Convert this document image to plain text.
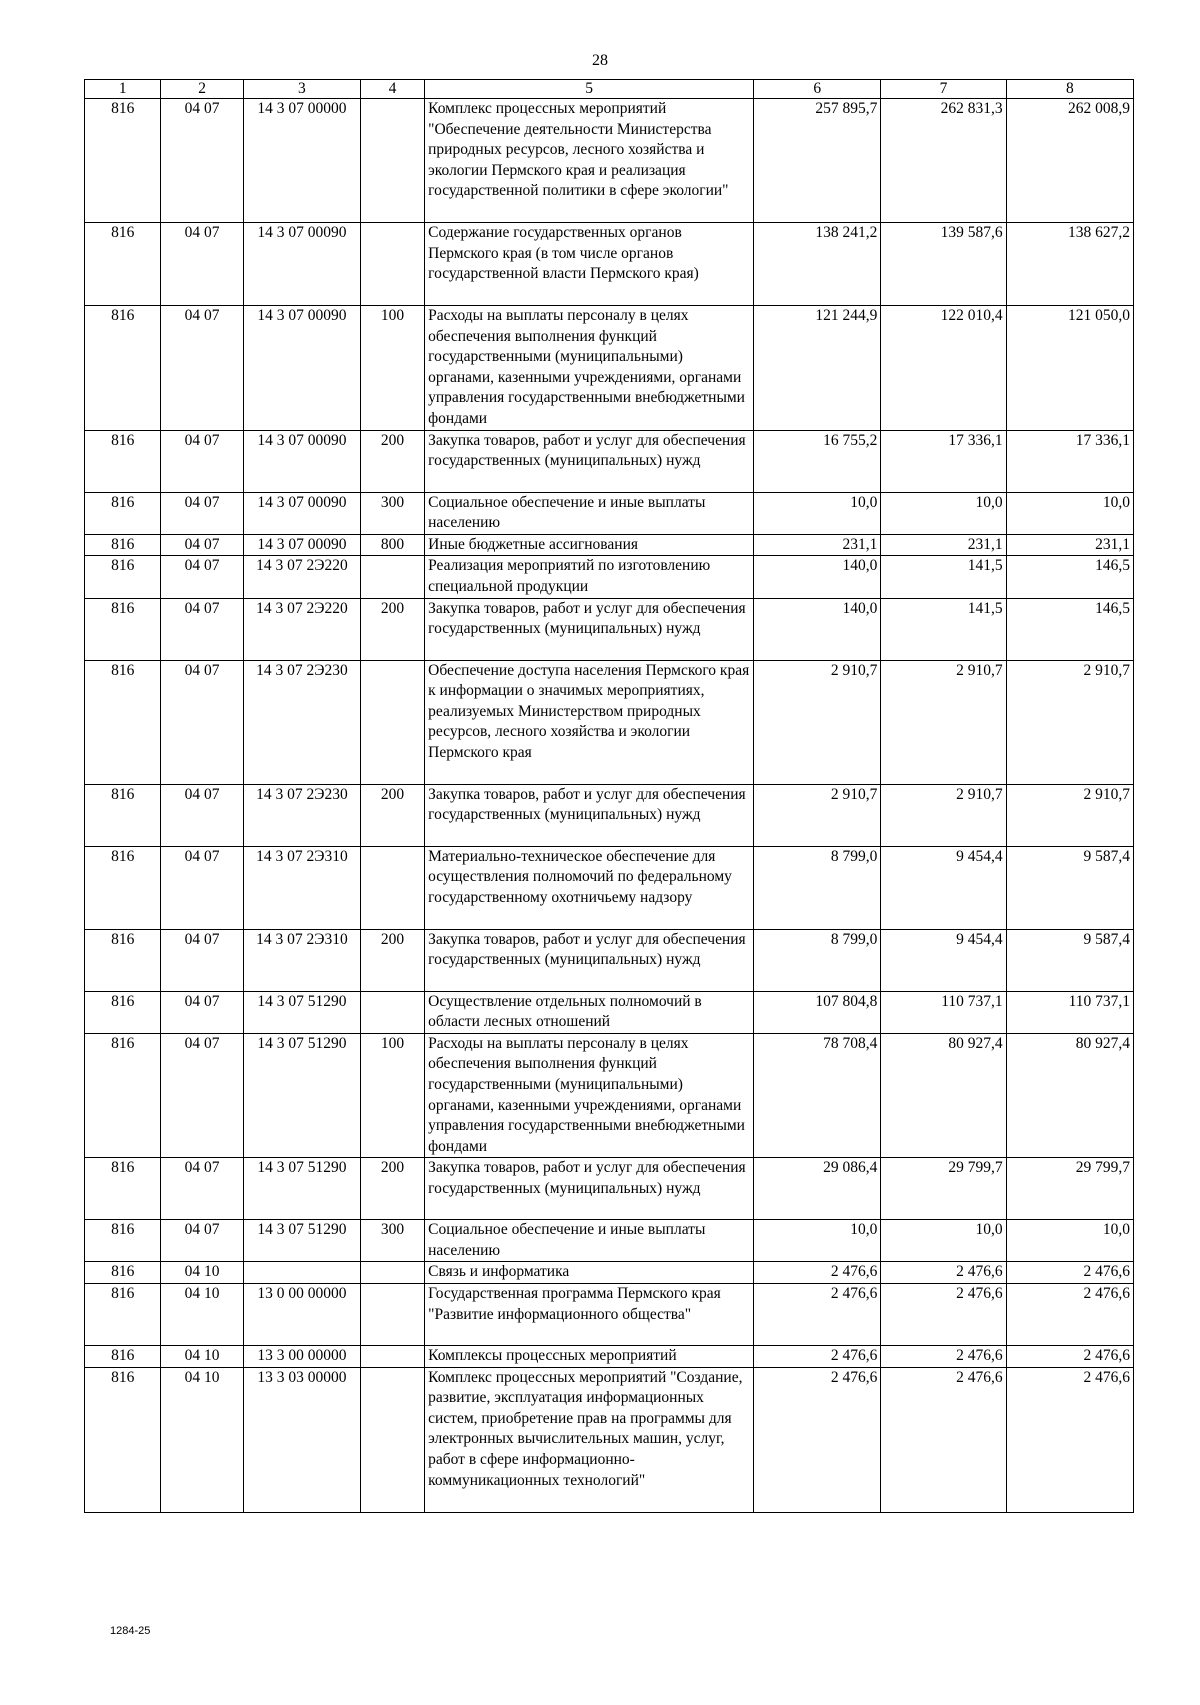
28
1	2	3	4	5	6	7	8
816	04 07	14 3 07 00000		Комплекс процессных мероприятий "Обеспечение деятельности Министерства природных ресурсов, лесного хозяйства и экологии Пермского края и реализация государственной политики в сфере экологии"	257 895,7	262 831,3	262 008,9
816	04 07	14 3 07 00090		Содержание государственных органов Пермского края (в том числе органов государственной власти Пермского края)	138 241,2	139 587,6	138 627,2
816	04 07	14 3 07 00090	100	Расходы на выплаты персоналу в целях обеспечения выполнения функций государственными (муниципальными) органами, казенными учреждениями, органами управления государственными внебюджетными фондами	121 244,9	122 010,4	121 050,0
816	04 07	14 3 07 00090	200	Закупка товаров, работ и услуг для обеспечения государственных (муниципальных) нужд	16 755,2	17 336,1	17 336,1
816	04 07	14 3 07 00090	300	Социальное обеспечение и иные выплаты населению	10,0	10,0	10,0
816	04 07	14 3 07 00090	800	Иные бюджетные ассигнования	231,1	231,1	231,1
816	04 07	14 3 07 2Э220		Реализация мероприятий по изготовлению специальной продукции	140,0	141,5	146,5
816	04 07	14 3 07 2Э220	200	Закупка товаров, работ и услуг для обеспечения государственных (муниципальных) нужд	140,0	141,5	146,5
816	04 07	14 3 07 2Э230		Обеспечение доступа населения Пермского края к информации о значимых мероприятиях, реализуемых Министерством природных ресурсов, лесного хозяйства и экологии Пермского края	2 910,7	2 910,7	2 910,7
816	04 07	14 3 07 2Э230	200	Закупка товаров, работ и услуг для обеспечения государственных (муниципальных) нужд	2 910,7	2 910,7	2 910,7
816	04 07	14 3 07 2Э310		Материально-техническое обеспечение для осуществления полномочий по федеральному государственному охотничьему надзору	8 799,0	9 454,4	9 587,4
816	04 07	14 3 07 2Э310	200	Закупка товаров, работ и услуг для обеспечения государственных (муниципальных) нужд	8 799,0	9 454,4	9 587,4
816	04 07	14 3 07 51290		Осуществление отдельных полномочий в области лесных отношений	107 804,8	110 737,1	110 737,1
816	04 07	14 3 07 51290	100	Расходы на выплаты персоналу в целях обеспечения выполнения функций государственными (муниципальными) органами, казенными учреждениями, органами управления государственными внебюджетными фондами	78 708,4	80 927,4	80 927,4
816	04 07	14 3 07 51290	200	Закупка товаров, работ и услуг для обеспечения государственных (муниципальных) нужд	29 086,4	29 799,7	29 799,7
816	04 07	14 3 07 51290	300	Социальное обеспечение и иные выплаты населению	10,0	10,0	10,0
816	04 10			Связь и информатика	2 476,6	2 476,6	2 476,6
816	04 10	13 0 00 00000		Государственная программа Пермского края "Развитие информационного общества"	2 476,6	2 476,6	2 476,6
816	04 10	13 3 00 00000		Комплексы процессных мероприятий	2 476,6	2 476,6	2 476,6
816	04 10	13 3 03 00000		Комплекс процессных мероприятий "Создание, развитие, эксплуатация информационных систем, приобретение прав на программы для электронных вычислительных машин, услуг, работ в сфере информационно-коммуникационных технологий"	2 476,6	2 476,6	2 476,6
1284-25
